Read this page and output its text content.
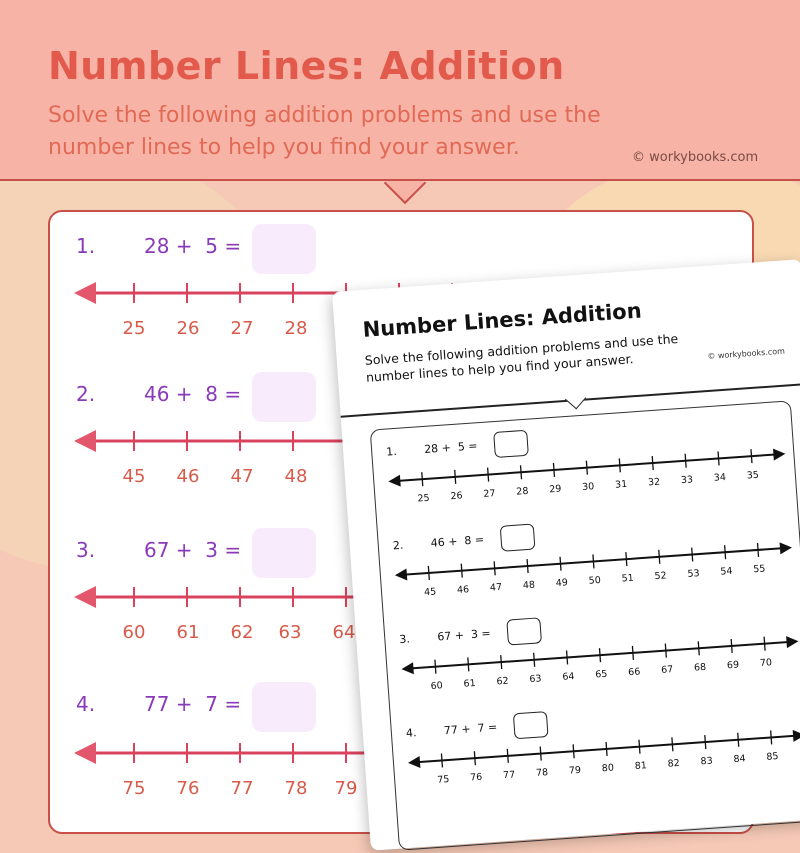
Number Lines: Addition
Solve the following addition problems and use the number lines to help you find your answer.	© workybooks.com
1. 28 +  5 =
25	26	27	28
2. 46 +  8 =
45	46	47	48
3. 67 +  3 =
60	61	62	63	64
4. 77 +  7 =
75	76	77	78	79
Number Lines: Addition
Solve the following addition problems and use the number lines to help you find your answer.	© workybooks.com
1. 28 +  5 =
25	26	27	28	29	30	31	32	33	34	35
2. 46 +  8 =
45	46	47	48	49	50	51	52	53	54	55
3. 67 +  3 =
60	61	62	63	64	65	66	67	68	69	70
4. 77 +  7 =
75	76	77	78	79	80	81	82	83	84	85
